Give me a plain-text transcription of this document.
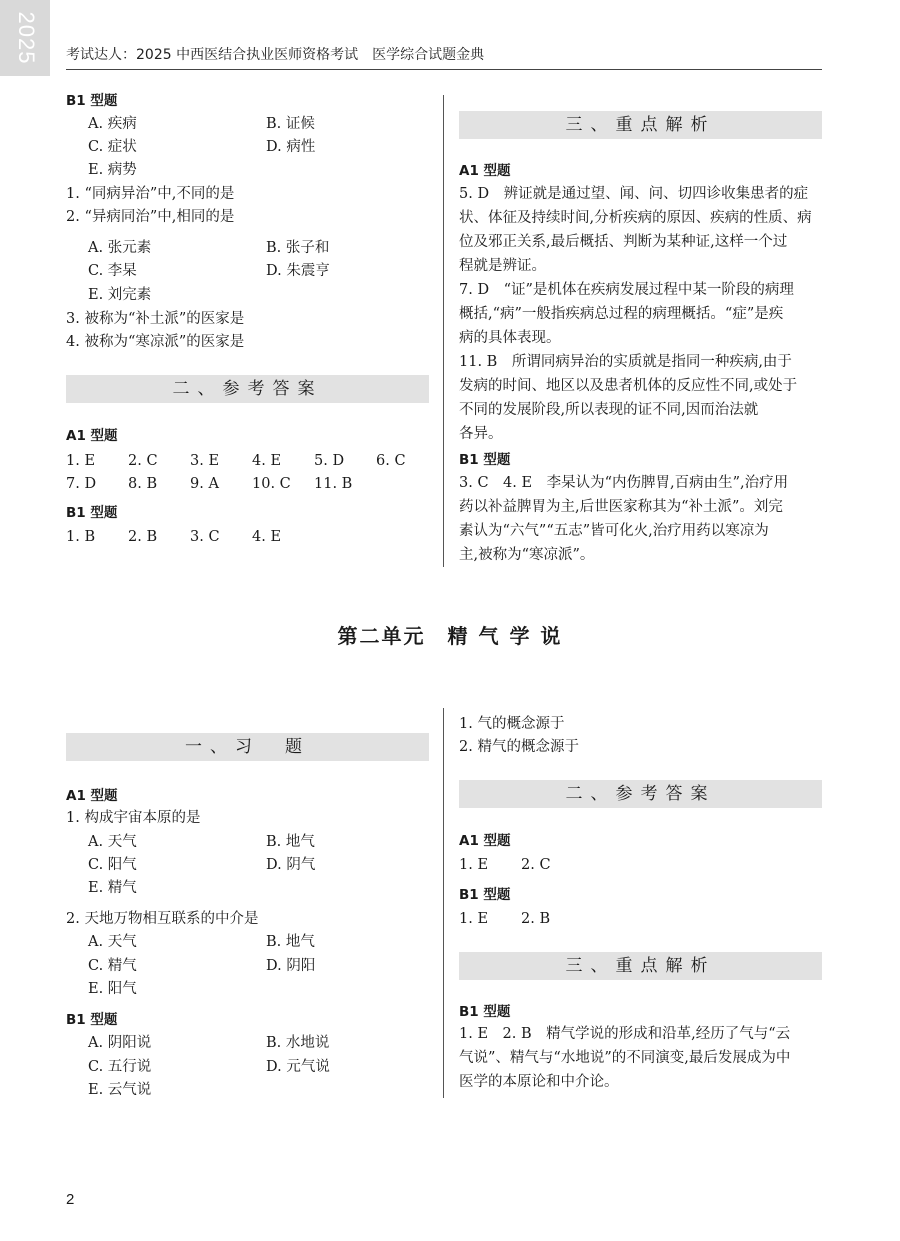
2025 考试达人：2025 中西医结合执业医师资格考试　医学综合试题金典
B1 型题
A. 疾病	B. 证候
C. 症状	D. 病性
E. 病势
1. “同病异治”中,不同的是
2. “异病同治”中,相同的是
A. 张元素	B. 张子和
C. 李杲	D. 朱震亨
E. 刘完素
3. 被称为“补土派”的医家是
4. 被称为“寒凉派”的医家是
二、参考答案
A1 型题
1. E 2. C 3. E 4. E 5. D 6. C
7. D 8. B 9. A 10. C 11. B
B1 型题
1. B 2. B 3. C 4. E
三、重点解析
A1 型题
5. D　辨证就是通过望、闻、问、切四诊收集患者的症
状、体征及持续时间,分析疾病的原因、疾病的性质、病
位及邪正关系,最后概括、判断为某种证,这样一个过
程就是辨证。
7. D　“证”是机体在疾病发展过程中某一阶段的病理
概括,“病”一般指疾病总过程的病理概括。“症”是疾
病的具体表现。
11. B　所谓同病异治的实质就是指同一种疾病,由于
发病的时间、地区以及患者机体的反应性不同,或处于
不同的发展阶段,所以表现的证不同,因而治法就
各异。
B1 型题
3. C　4. E　李杲认为“内伤脾胃,百病由生”,治疗用
药以补益脾胃为主,后世医家称其为“补土派”。刘完
素认为“六气”“五志”皆可化火,治疗用药以寒凉为
主,被称为“寒凉派”。
第二单元　精 气 学 说
一、习　题
A1 型题
1. 构成宇宙本原的是
A. 天气	B. 地气
C. 阳气	D. 阴气
E. 精气
2. 天地万物相互联系的中介是
A. 天气	B. 地气
C. 精气	D. 阴阳
E. 阳气
B1 型题
A. 阴阳说	B. 水地说
C. 五行说	D. 元气说
E. 云气说
1. 气的概念源于
2. 精气的概念源于
二、参考答案
A1 型题
1. E 2. C
B1 型题
1. E 2. B
三、重点解析
B1 型题
1. E　2. B　精气学说的形成和沿革,经历了气与“云
气说”、精气与“水地说”的不同演变,最后发展成为中
医学的本原论和中介论。
2
